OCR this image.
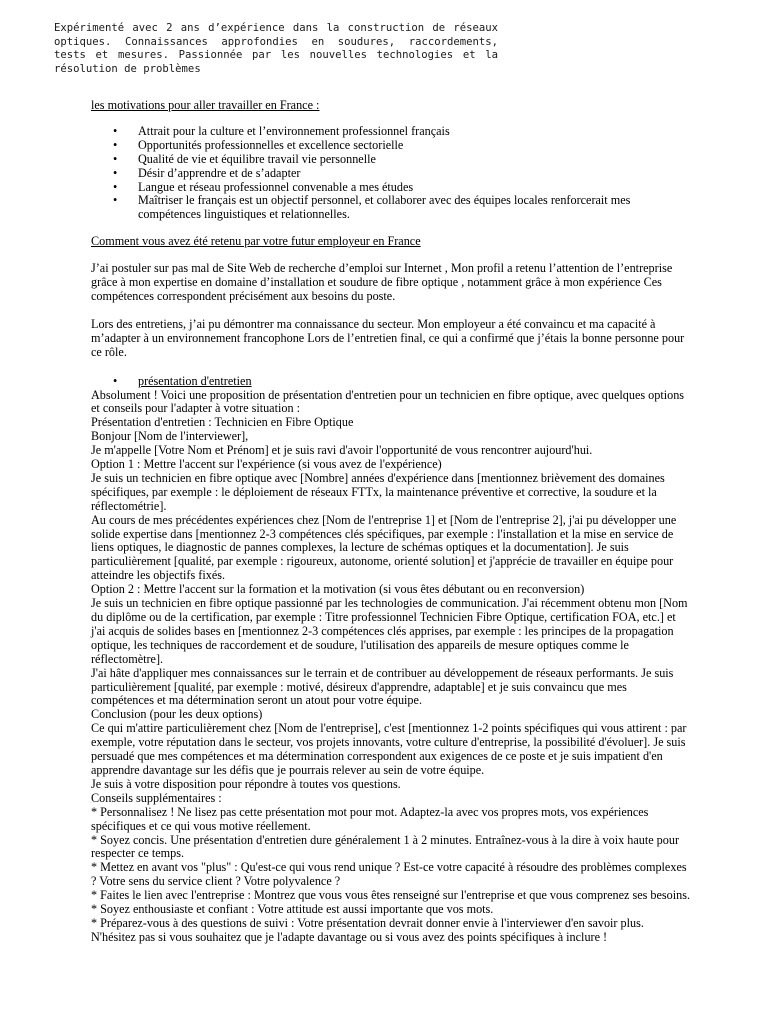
Expérimenté avec 2 ans d’expérience dans la construction de réseaux optiques. Connaissances approfondies en soudures, raccordements, tests et mesures. Passionnée par les nouvelles technologies et la résolution de problèmes

les motivations pour aller travailler en France :

• Attrait pour la culture et l’environnement professionnel français
• Opportunités professionnelles et excellence sectorielle
• Qualité de vie et équilibre travail vie personnelle
• Désir d’apprendre et de s’adapter
• Langue et réseau professionnel convenable a mes études
• Maîtriser le français est un objectif personnel, et collaborer avec des équipes locales renforcerait mes compétences linguistiques et relationnelles.

Comment vous avez été retenu par votre futur employeur en France

J’ai postuler sur pas mal de Site Web de recherche d’emploi sur Internet , Mon profil a retenu l’attention de l’entreprise grâce à mon expertise en domaine d’installation et soudure de fibre optique , notamment grâce à mon expérience Ces compétences correspondent précisément aux besoins du poste.

Lors des entretiens, j’ai pu démontrer ma connaissance du secteur. Mon employeur a été convaincu et ma capacité à m’adapter à un environnement francophone Lors de l’entretien final, ce qui a confirmé que j’étais la bonne personne pour ce rôle.

• présentation d'entretien

Absolument ! Voici une proposition de présentation d'entretien pour un technicien en fibre optique, avec quelques options et conseils pour l'adapter à votre situation :

Présentation d'entretien : Technicien en Fibre Optique

Bonjour [Nom de l'interviewer],

Je m'appelle [Votre Nom et Prénom] et je suis ravi d'avoir l'opportunité de vous rencontrer aujourd'hui.

Option 1 : Mettre l'accent sur l'expérience (si vous avez de l'expérience)

Je suis un technicien en fibre optique avec [Nombre] années d'expérience dans [mentionnez brièvement des domaines spécifiques, par exemple : le déploiement de réseaux FTTx, la maintenance préventive et corrective, la soudure et la réflectométrie].

Au cours de mes précédentes expériences chez [Nom de l'entreprise 1] et [Nom de l'entreprise 2], j'ai pu développer une solide expertise dans [mentionnez 2-3 compétences clés spécifiques, par exemple : l'installation et la mise en service de liens optiques, le diagnostic de pannes complexes, la lecture de schémas optiques et la documentation]. Je suis particulièrement [qualité, par exemple : rigoureux, autonome, orienté solution] et j'apprécie de travailler en équipe pour atteindre les objectifs fixés.

Option 2 : Mettre l'accent sur la formation et la motivation (si vous êtes débutant ou en reconversion)

Je suis un technicien en fibre optique passionné par les technologies de communication. J'ai récemment obtenu mon [Nom du diplôme ou de la certification, par exemple : Titre professionnel Technicien Fibre Optique, certification FOA, etc.] et j'ai acquis de solides bases en [mentionnez 2-3 compétences clés apprises, par exemple : les principes de la propagation optique, les techniques de raccordement et de soudure, l'utilisation des appareils de mesure optiques comme le réflectomètre].

J'ai hâte d'appliquer mes connaissances sur le terrain et de contribuer au développement de réseaux performants. Je suis particulièrement [qualité, par exemple : motivé, désireux d'apprendre, adaptable] et je suis convaincu que mes compétences et ma détermination seront un atout pour votre équipe.

Conclusion (pour les deux options)

Ce qui m'attire particulièrement chez [Nom de l'entreprise], c'est [mentionnez 1-2 points spécifiques qui vous attirent : par exemple, votre réputation dans le secteur, vos projets innovants, votre culture d'entreprise, la possibilité d'évoluer]. Je suis persuadé que mes compétences et ma détermination correspondent aux exigences de ce poste et je suis impatient d'en apprendre davantage sur les défis que je pourrais relever au sein de votre équipe.

Je suis à votre disposition pour répondre à toutes vos questions.

Conseils supplémentaires :

* Personnalisez ! Ne lisez pas cette présentation mot pour mot. Adaptez-la avec vos propres mots, vos expériences spécifiques et ce qui vous motive réellement.

* Soyez concis. Une présentation d'entretien dure généralement 1 à 2 minutes. Entraînez-vous à la dire à voix haute pour respecter ce temps.

* Mettez en avant vos "plus" : Qu'est-ce qui vous rend unique ? Est-ce votre capacité à résoudre des problèmes complexes ? Votre sens du service client ? Votre polyvalence ?

* Faites le lien avec l'entreprise : Montrez que vous vous êtes renseigné sur l'entreprise et que vous comprenez ses besoins.

* Soyez enthousiaste et confiant : Votre attitude est aussi importante que vos mots.

* Préparez-vous à des questions de suivi : Votre présentation devrait donner envie à l'interviewer d'en savoir plus.

N'hésitez pas si vous souhaitez que je l'adapte davantage ou si vous avez des points spécifiques à inclure !
